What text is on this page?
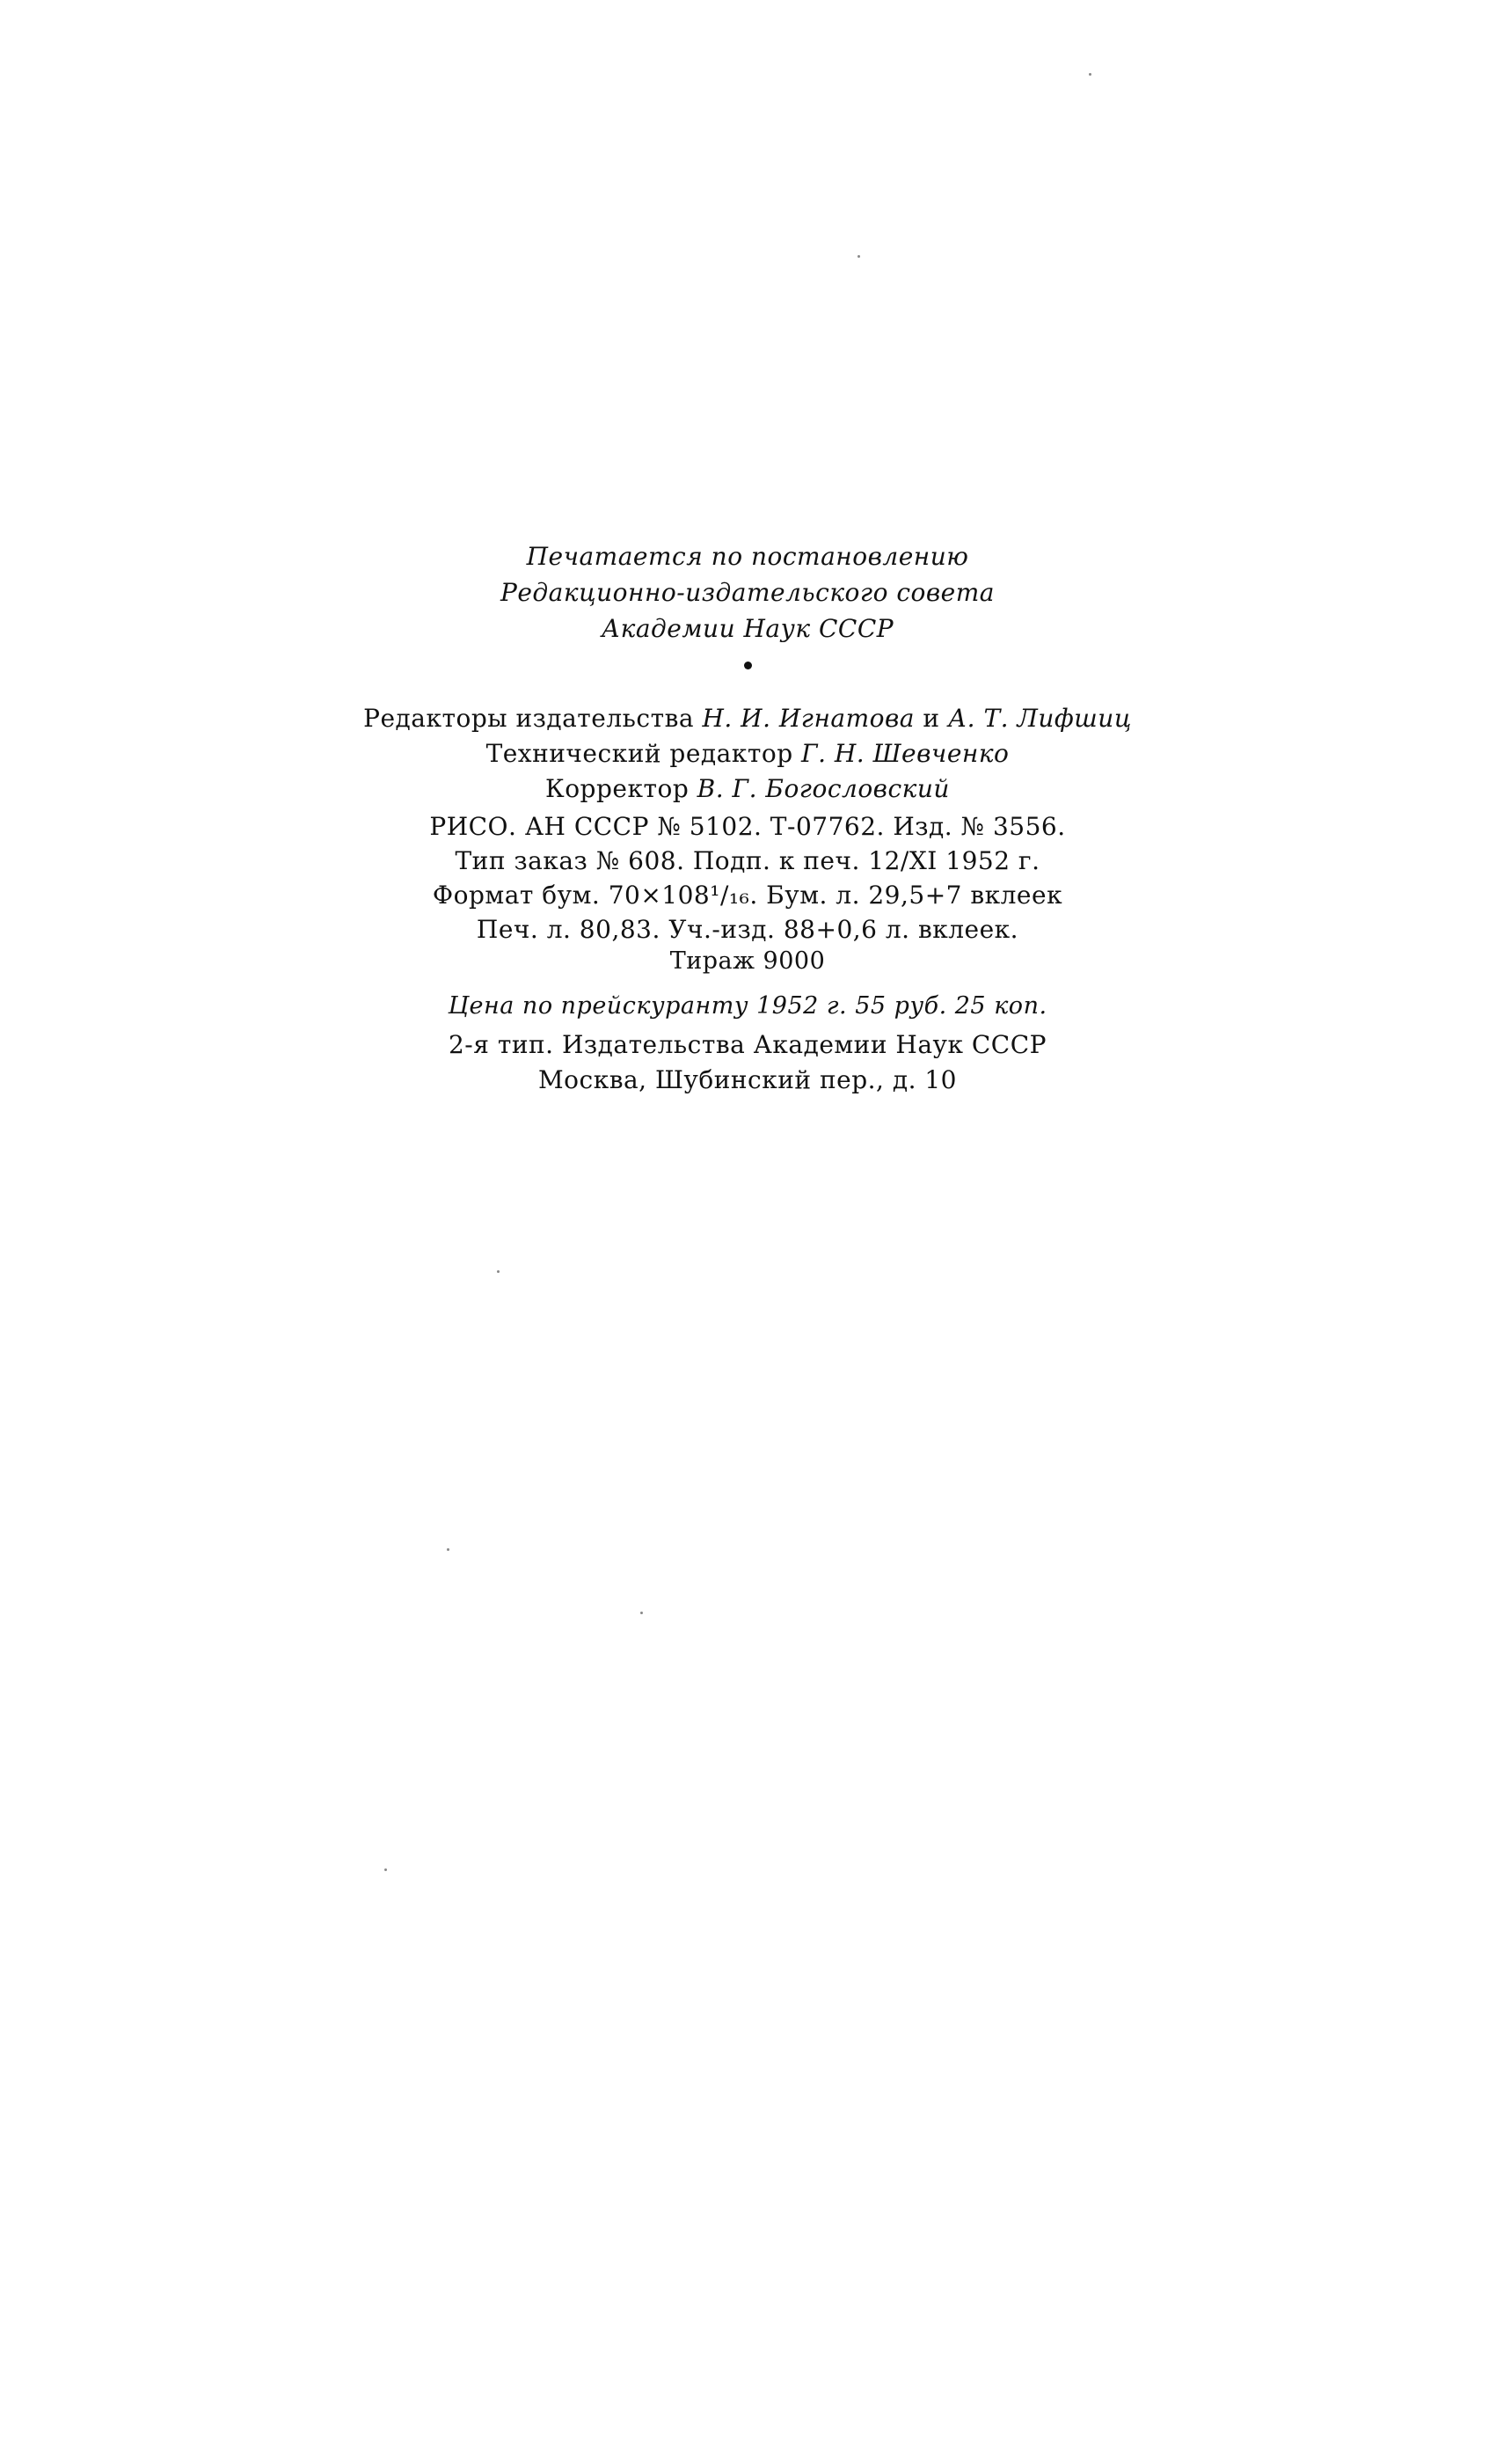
Печатается по постановлению
Редакционно-издательского совета
Академии Наук СССР
Редакторы издательства Н. И. Игнатова и А. Т. Лифшиц
Технический редактор Г. Н. Шевченко
Корректор В. Г. Богословский
РИСО. АН СССР № 5102. Т-07762. Изд. № 3556.
Тип заказ № 608. Подп. к печ. 12/XI 1952 г.
Формат бум. 70×108¹/₁₆. Бум. л. 29,5+7 вклеек
Печ. л. 80,83. Уч.-изд. 88+0,6 л. вклеек.
Тираж 9000
Цена по прейскуранту 1952 г. 55 руб. 25 коп.
2-я тип. Издательства Академии Наук СССР
Москва, Шубинский пер., д. 10
